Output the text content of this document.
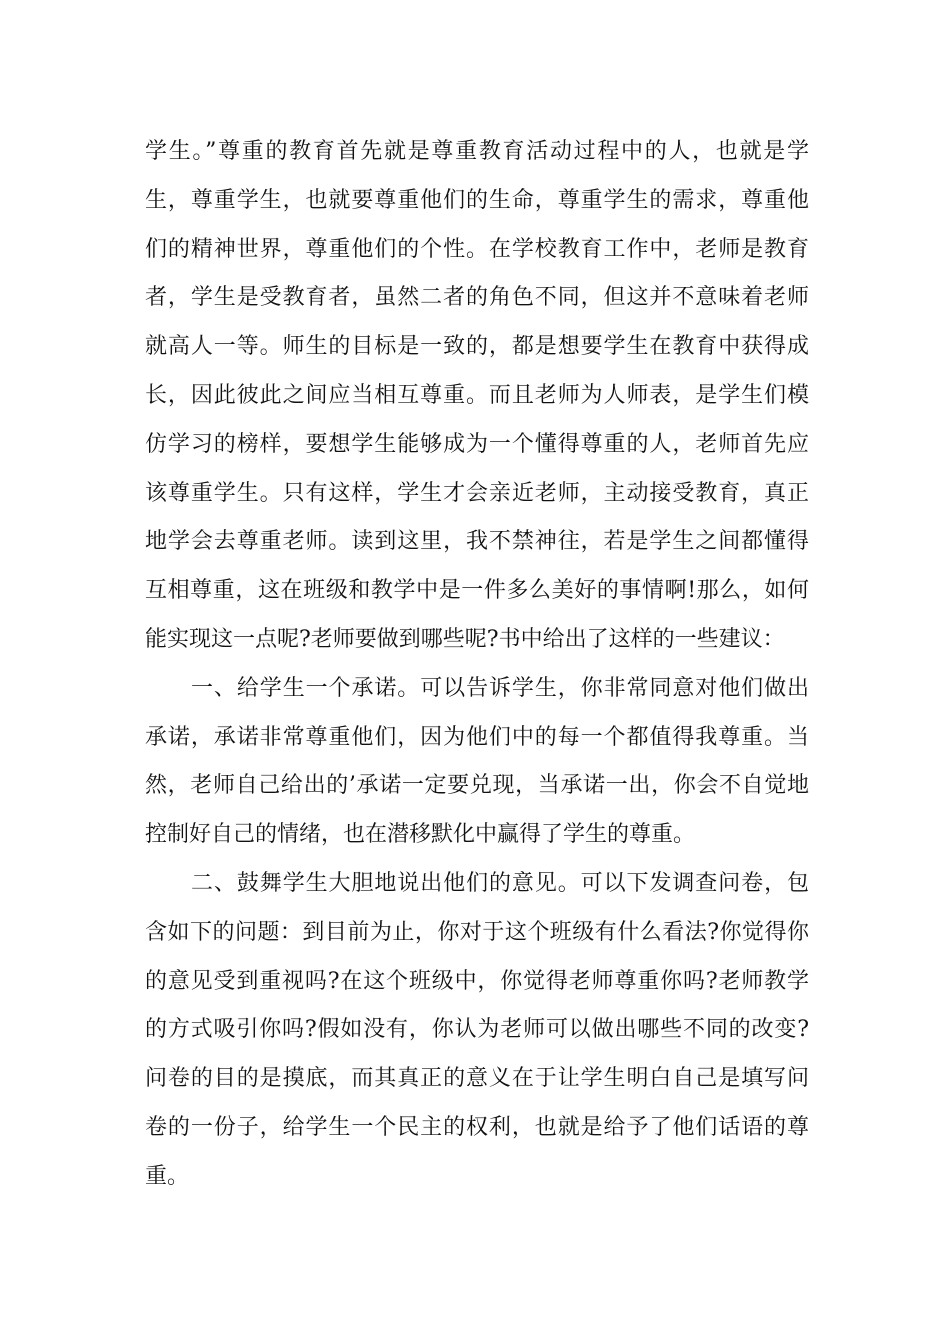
学生。”尊重的教育首先就是尊重教育活动过程中的人，也就是学
生，尊重学生，也就要尊重他们的生命，尊重学生的需求，尊重他
们的精神世界，尊重他们的个性。在学校教育工作中，老师是教育
者，学生是受教育者，虽然二者的角色不同，但这并不意味着老师
就高人一等。师生的目标是一致的，都是想要学生在教育中获得成
长，因此彼此之间应当相互尊重。而且老师为人师表，是学生们模
仿学习的榜样，要想学生能够成为一个懂得尊重的人，老师首先应
该尊重学生。只有这样，学生才会亲近老师，主动接受教育，真正
地学会去尊重老师。读到这里，我不禁神往，若是学生之间都懂得
互相尊重，这在班级和教学中是一件多么美好的事情啊!那么，如何
能实现这一点呢?老师要做到哪些呢?书中给出了这样的一些建议：
一、给学生一个承诺。可以告诉学生，你非常同意对他们做出
承诺，承诺非常尊重他们，因为他们中的每一个都值得我尊重。当
然，老师自己给出的’承诺一定要兑现，当承诺一出，你会不自觉地
控制好自己的情绪，也在潜移默化中赢得了学生的尊重。
二、鼓舞学生大胆地说出他们的意见。可以下发调查问卷，包
含如下的问题：到目前为止，你对于这个班级有什么看法?你觉得你
的意见受到重视吗?在这个班级中，你觉得老师尊重你吗?老师教学
的方式吸引你吗?假如没有，你认为老师可以做出哪些不同的改变?
问卷的目的是摸底，而其真正的意义在于让学生明白自己是填写问
卷的一份子，给学生一个民主的权利，也就是给予了他们话语的尊
重。
